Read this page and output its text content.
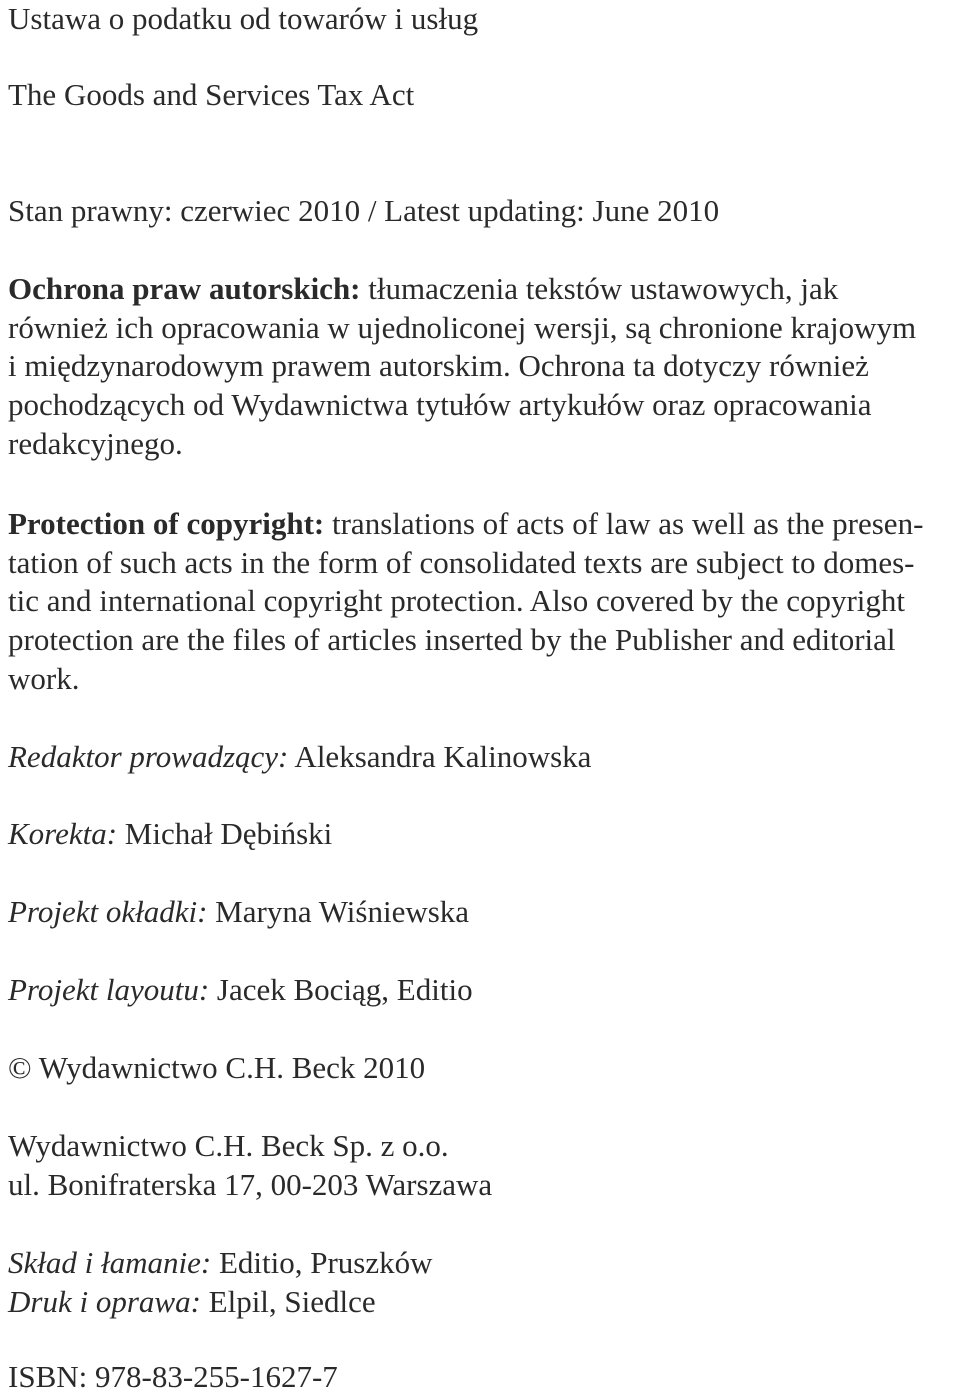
Ustawa o podatku od towarów i usług
The Goods and Services Tax Act
Stan prawny: czerwiec 2010 / Latest updating: June 2010

Ochrona praw autorskich: tłumaczenia tekstów ustawowych, jak
również ich opracowania w ujednoliconej wersji, są chronione krajowym
i międzynarodowym prawem autorskim. Ochrona ta dotyczy również
pochodzących od Wydawnictwa tytułów artykułów oraz opracowania
redakcyjnego.

Protection of copyright: translations of acts of law as well as the presen-
tation of such acts in the form of consolidated texts are subject to domes-
tic and international copyright protection. Also covered by the copyright
protection are the files of articles inserted by the Publisher and editorial
work.

Redaktor prowadzący: Aleksandra Kalinowska
Korekta: Michał Dębiński
Projekt okładki: Maryna Wiśniewska
Projekt layoutu: Jacek Bociąg, Editio
© Wydawnictwo C.H. Beck 2010
Wydawnictwo C.H. Beck Sp. z o.o.
ul. Bonifraterska 17, 00-203 Warszawa
Skład i łamanie: Editio, Pruszków
Druk i oprawa: Elpil, Siedlce
ISBN: 978-83-255-1627-7
